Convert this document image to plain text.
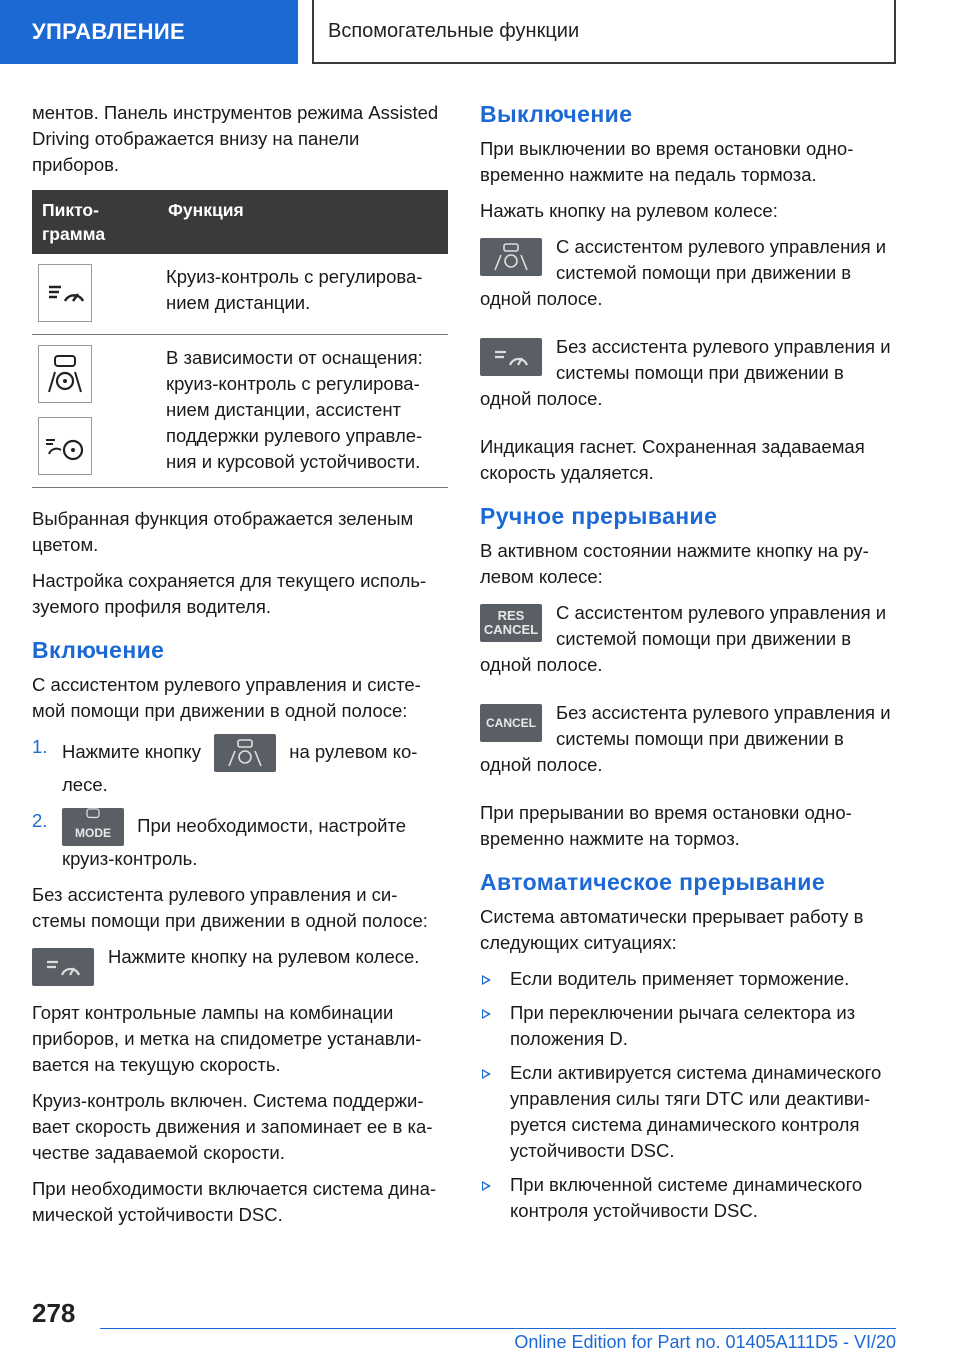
УПРАВЛЕНИЕ	Вспомогательные функции

ментов. Панель инструментов режима Assisted Driving отображается внизу на панели приборов.

Пикто-грамма	Функция

	Круиз-контроль с регулирова-нием дистанции.

	В зависимости от оснащения: круиз-контроль с регулирова-нием дистанции, ассистент поддержки рулевого управле-ния и курсовой устойчивости.

Выбранная функция отображается зеленым цветом.

Настройка сохраняется для текущего исполь-зуемого профиля водителя.

Включение

С ассистентом рулевого управления и систе-мой помощи при движении в одной полосе:

1. Нажмите кнопку	на рулевом ко-лесе.
2.
MODE При необходимости, настройте круиз-контроль.

Без ассистента рулевого управления и си-стемы помощи при движении в одной полосе:

Нажмите кнопку на рулевом колесе.

Горят контрольные лампы на комбинации приборов, и метка на спидометре устанавли-вается на текущую скорость.

Круиз-контроль включен. Система поддержи-вает скорость движения и запоминает ее в ка-честве задаваемой скорости.

При необходимости включается система дина-мической устойчивости DSC.

Выключение

При выключении во время остановки одно-временно нажмите на педаль тормоза.

Нажать кнопку на рулевом колесе:

С ассистентом рулевого управления и системой помощи при движении в одной полосе.

Без ассистента рулевого управления и системы помощи при движении в одной полосе.

Индикация гаснет. Сохраненная задаваемая скорость удаляется.

Ручное прерывание

В активном состоянии нажмите кнопку на ру-левом колесе:

RES
CANCEL

С ассистентом рулевого управления и системой помощи при движении в одной полосе.

CANCEL	Без ассистента рулевого управления и системы помощи при движении в одной полосе.

При прерывании во время остановки одно-временно нажмите на тормоз.

Автоматическое прерывание

Система автоматически прерывает работу в следующих ситуациях:

Если водитель применяет торможение.
При переключении рычага селектора из положения D.
Если активируется система динамического управления силы тяги DTC или деактиви-руется система динамического контроля устойчивости DSC.
При включенной системе динамического контроля устойчивости DSC.
278
Online Edition for Part no. 01405A111D5 - VI/20
